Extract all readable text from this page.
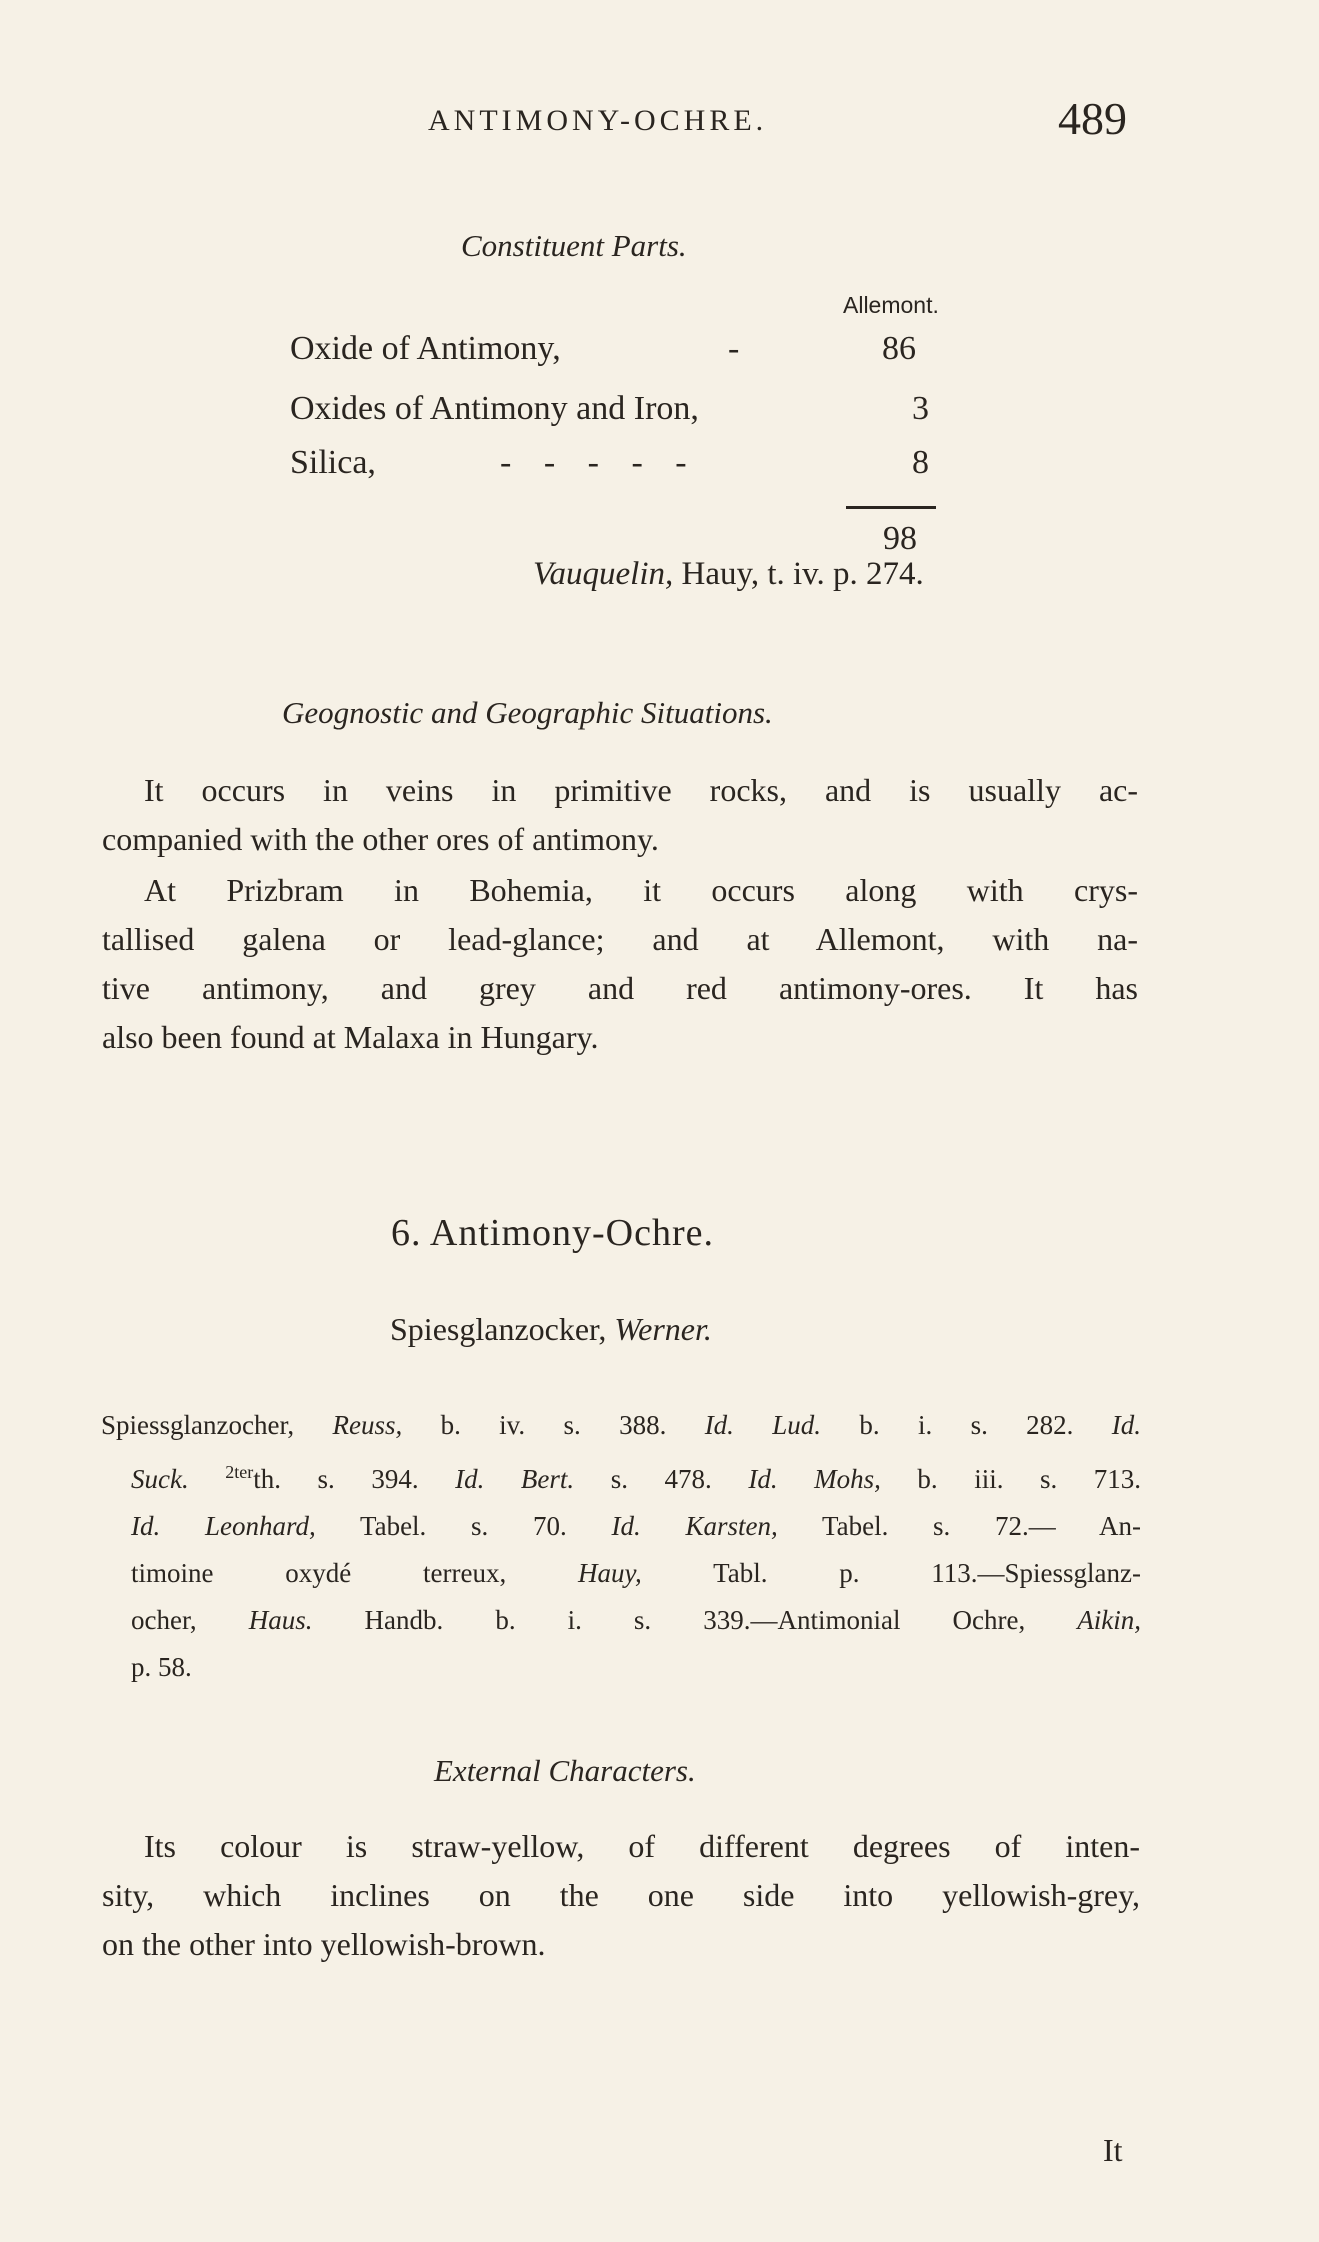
ANTIMONY-OCHRE.	489
Constituent Parts.
Allemont.
Oxide of Antimony,	-	86
Oxides of Antimony and Iron,	3
Silica,	- - - - -	8
98
Vauquelin, Hauy, t. iv. p. 274.
Geognostic and Geographic Situations.
It occurs in veins in primitive rocks, and is usually ac-
companied with the other ores of antimony.
At Prizbram in Bohemia, it occurs along with crys-
tallised galena or lead-glance; and at Allemont, with na-
tive antimony, and grey and red antimony-ores. It has
also been found at Malaxa in Hungary.
6. Antimony-Ochre.
Spiesglanzocker, Werner.
Spiessglanzocher, Reuss, b. iv. s. 388. Id. Lud. b. i. s. 282. Id.
Suck. $^{2ter}$th. s. 394. Id. Bert. s. 478. Id. Mohs, b. iii. s. 713.
Id. Leonhard, Tabel. s. 70. Id. Karsten, Tabel. s. 72.— An-
timoine oxydé terreux,	Hauy,	Tabl. p. 113.—Spiessglanz-
ocher, Haus. Handb. b. i. s. 339.—Antimonial Ochre, Aikin,
p. 58.
External Characters.
Its colour is straw-yellow, of different degrees of inten-
sity, which inclines on the one side into yellowish-grey,
on the other into yellowish-brown.
It
